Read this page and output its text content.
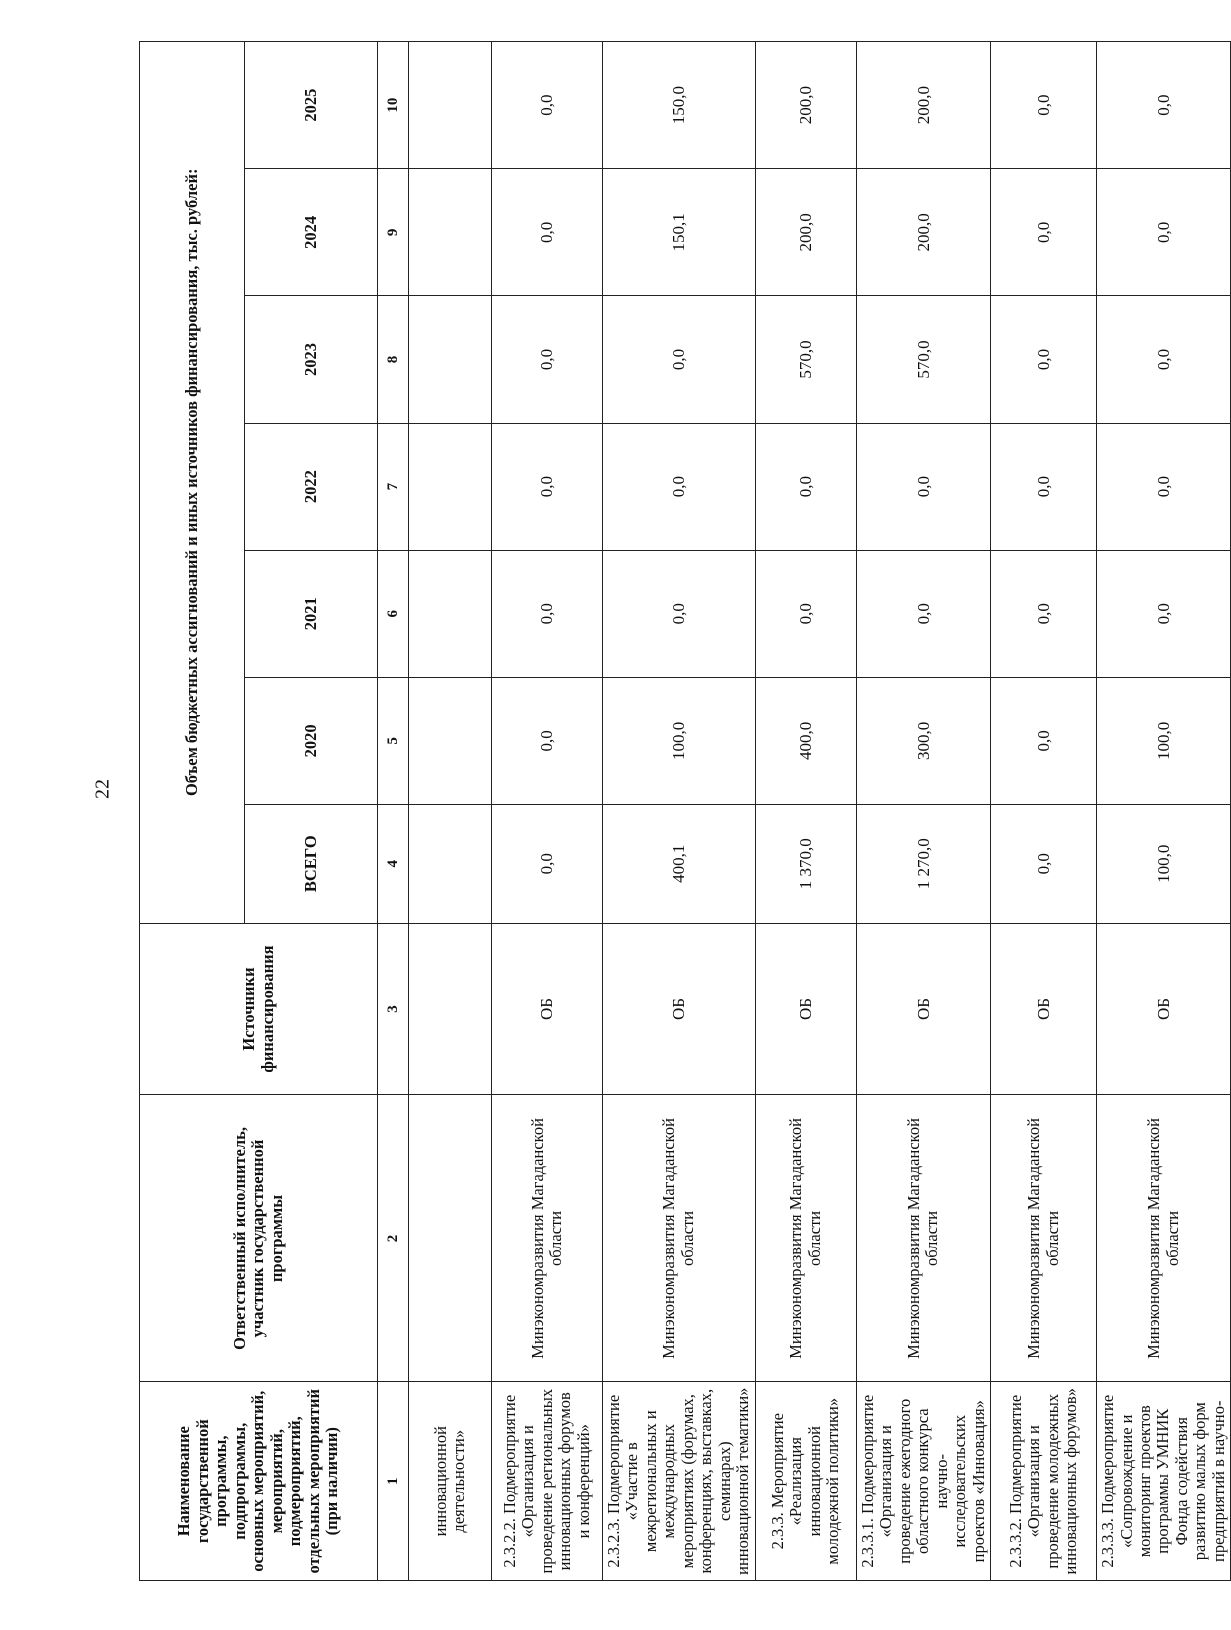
22
Наименование государственной программы, подпрограммы, основных мероприятий, мероприятий, подмероприятий, отдельных мероприятий (при наличии)	Ответственный исполнитель, участник государственной программы	Источники финансирования	Объем бюджетных ассигнований и иных источников финансирования, тыс. рублей:						
			ВСЕГО	2020	2021	2022	2023	2024	2025
1	2	3	4	5	6	7	8	9	10
инновационной деятельности»									
2.3.2.2. Подмероприятие «Организация и проведение региональных инновационных форумов и конференций»	Минэкономразвития Магаданской области	ОБ	0,0	0,0	0,0	0,0	0,0	0,0	0,0
2.3.2.3. Подмероприятие «Участие в межрегиональных и международных мероприятиях (форумах, конференциях, выставках, семинарах) инновационной тематики»	Минэкономразвития Магаданской области	ОБ	400,1	100,0	0,0	0,0	0,0	150,1	150,0
2.3.3. Мероприятие «Реализация инновационной молодежной политики»	Минэкономразвития Магаданской области	ОБ	1 370,0	400,0	0,0	0,0	570,0	200,0	200,0
2.3.3.1. Подмероприятие «Организация и проведение ежегодного областного конкурса научно- исследовательских проектов «Инновация»	Минэкономразвития Магаданской области	ОБ	1 270,0	300,0	0,0	0,0	570,0	200,0	200,0
2.3.3.2. Подмероприятие «Организация и проведение молодежных инновационных форумов»	Минэкономразвития Магаданской области	ОБ	0,0	0,0	0,0	0,0	0,0	0,0	0,0
2.3.3.3. Подмероприятие «Сопровождение и мониторинг проектов программы УМНИК Фонда содействия развитию малых форм предприятий в научно-	Минэкономразвития Магаданской области	ОБ	100,0	100,0	0,0	0,0	0,0	0,0	0,0
